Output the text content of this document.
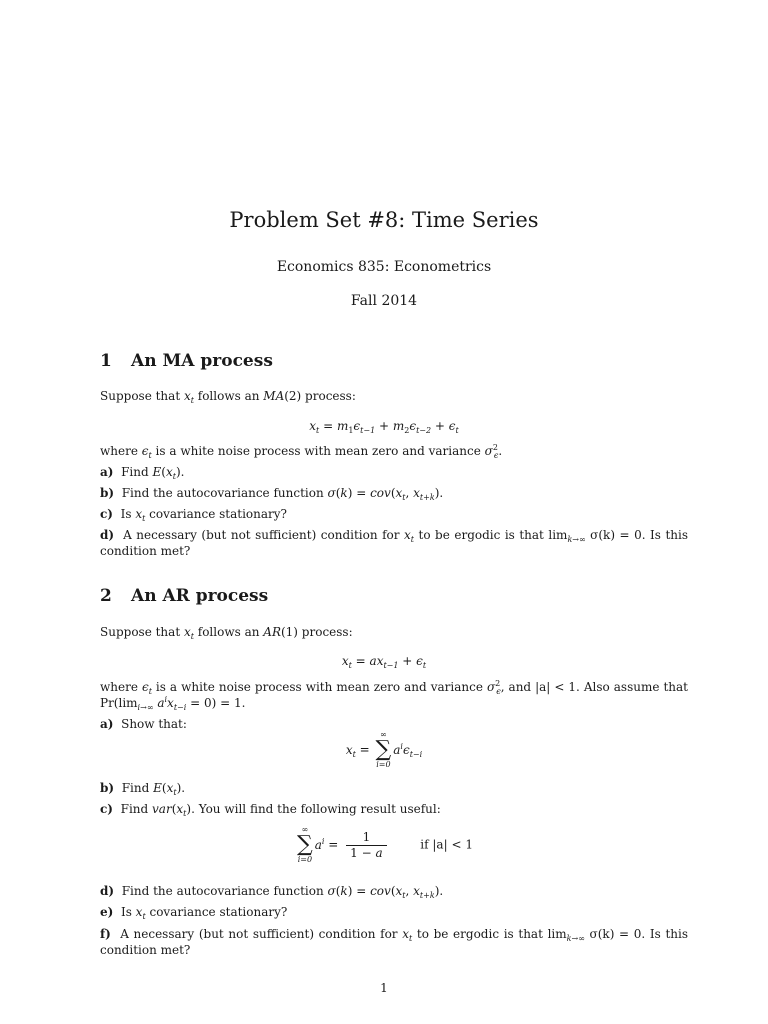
Problem Set #8: Time Series
Economics 835: Econometrics
Fall 2014
1 An MA process
Suppose that $x_t$ follows an MA(2) process:
$x_t = m_1\epsilon_{t-1} + m_2\epsilon_{t-2} + \epsilon_t$
where $\epsilon_t$ is a white noise process with mean zero and variance $\sigma^2_\epsilon$.
a) Find $E(x_t)$.
b) Find the autocovariance function $\sigma(k) = cov(x_t$, $x_{t+k}$).
c) Is $x_t$ covariance stationary?
d) A necessary (but not sufficient) condition for $x_t$ to be ergodic is that $\lim_{k\to\infty} \sigma(k) = 0$. Is this condition met?
2 An AR process
Suppose that $x_t$ follows an AR(1) process:
$x_t = ax_{t-1} + \epsilon_t$
where $\epsilon_t$ is a white noise process with mean zero and variance $\sigma^2_\epsilon$, and |a| < 1. Also assume that $Pr(\lim_{i\to\infty}$ $a^ix_{t-i} = 0) = 1$.
a) Show that:
$x_t$ =
∞
∑
i=0
$a^i\epsilon_{t-i}$
b) Find $E(x_t)$.
c) Find $var(x_t)$. You will find the following result useful:
∞
∑
i=0
$a^i = \frac{1}{1 - a}$	if |a| < 1
d) Find the autocovariance function $\sigma(k) = cov(x_t$, $x_{t+k}$).
e) Is $x_t$ covariance stationary?
f) A necessary (but not sufficient) condition for $x_t$ to be ergodic is that $\lim_{k\to\infty} \sigma(k) = 0$. Is this condition met?
1
